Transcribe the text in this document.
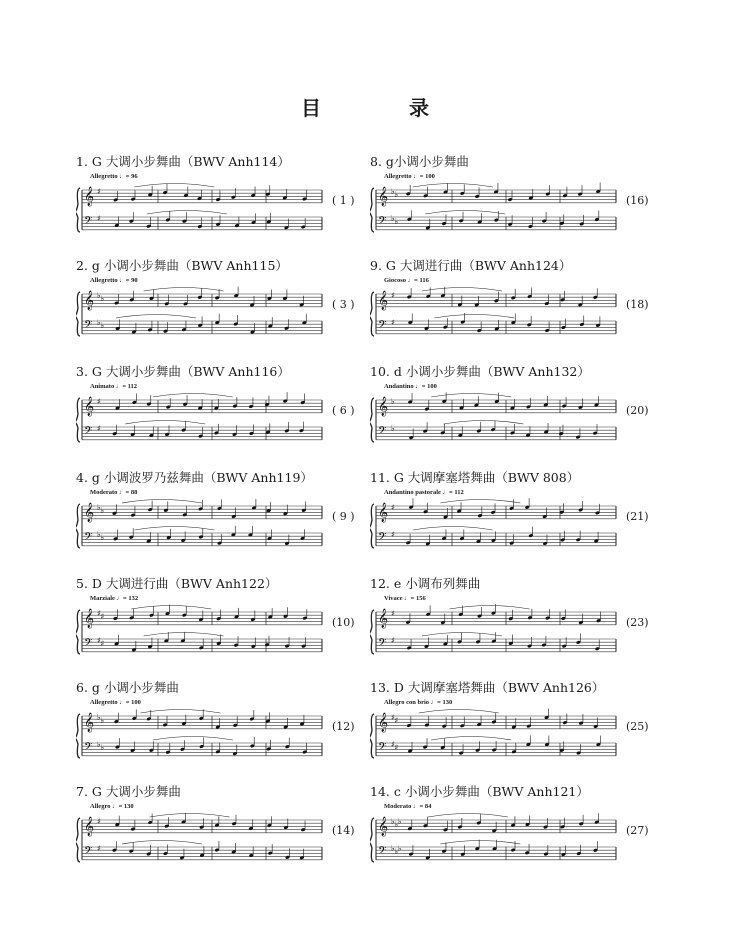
目　录
1. G 大调小步舞曲（BWV Anh114）
𝄞 ♯
𝄢 ♯
Allegretto ♩= 96
( 1 )
2. g 小调小步舞曲（BWV Anh115）
𝄞 ♭ ♭
𝄢 ♭ ♭
Allegretto ♩= 90
( 3 )
3. G 大调小步舞曲（BWV Anh116）
𝄞 ♯
𝄢 ♯
Animato ♩= 112
( 6 )
4. g 小调波罗乃兹舞曲（BWV Anh119）
𝄞 ♭ ♭
𝄢 ♭ ♭
Moderato ♩= 88
( 9 )
5. D 大调进行曲（BWV Anh122）
𝄞 ♯ ♯
𝄢 ♯ ♯
Marziale ♩= 132
(10)
6. g 小调小步舞曲
𝄞 ♭ ♭
𝄢 ♭ ♭
Allegretto ♩= 100
(12)
7. G 大调小步舞曲
𝄞 ♯
𝄢 ♯
Allegro ♩= 130
(14)
8. g小调小步舞曲
𝄞 ♭ ♭
𝄢 ♭ ♭
Allegretto ♩= 100
(16)
9. G 大调进行曲（BWV Anh124）
𝄞 ♯
𝄢 ♯
Giocoso ♩= 116
(18)
10. d 小调小步舞曲（BWV Anh132）
𝄞 ♭
𝄢 ♭
Andantino ♩= 100
(20)
11. G 大调摩塞塔舞曲（BWV 808）
𝄞 ♯
𝄢 ♯
Andantino pastorale ♩= 112
(21)
12. e 小调布列舞曲
𝄞 ♯
𝄢 ♯
Vivace ♩= 156
(23)
13. D 大调摩塞塔舞曲（BWV Anh126）
𝄞 ♯ ♯
𝄢 ♯ ♯
Allegro con brio ♩= 130
(25)
14. c 小调小步舞曲（BWV Anh121）
𝄞 ♭ ♭ ♭
𝄢 ♭ ♭ ♭
Moderato ♩= 84
(27)
